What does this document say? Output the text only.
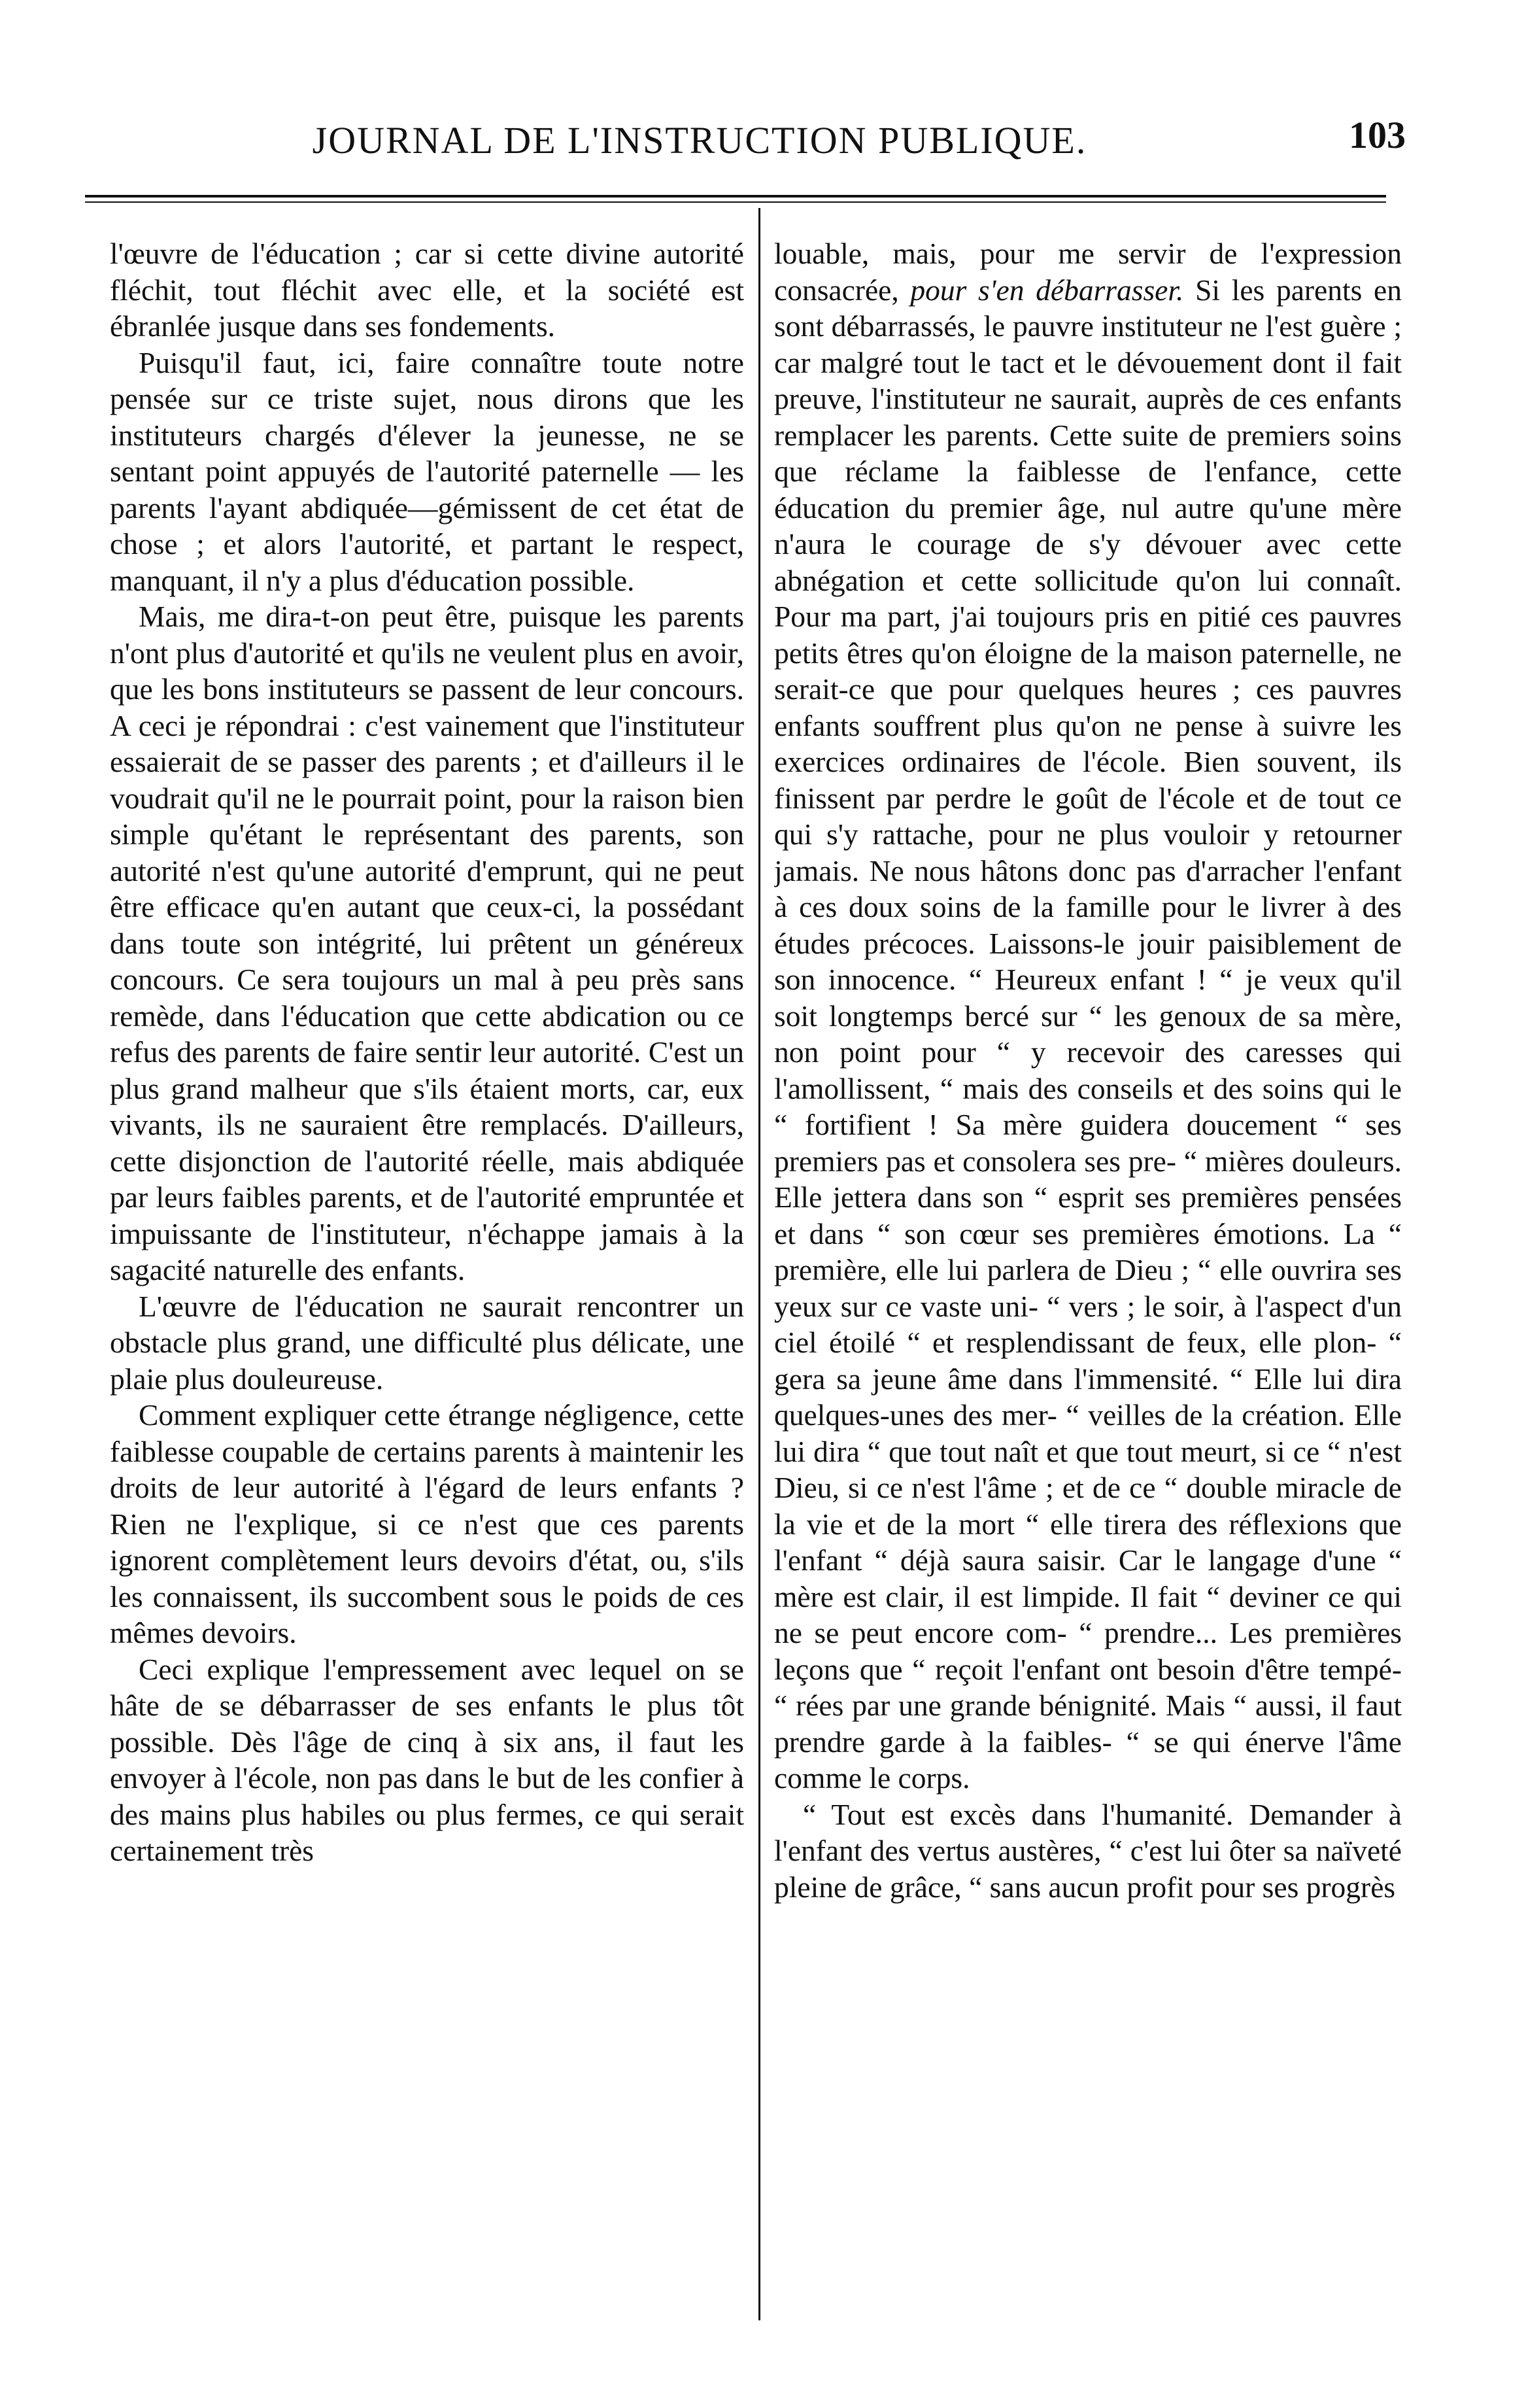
JOURNAL DE L'INSTRUCTION PUBLIQUE.	103

l'œuvre de l'éducation ; car si cette divine autorité fléchit, tout fléchit avec elle, et la société est ébranlée jusque dans ses fondements.

Puisqu'il faut, ici, faire connaître toute notre pensée sur ce triste sujet, nous dirons que les instituteurs chargés d'élever la jeunesse, ne se sentant point appuyés de l'autorité paternelle — les parents l'ayant abdiquée—gémissent de cet état de chose ; et alors l'autorité, et partant le respect, manquant, il n'y a plus d'éducation possible.

Mais, me dira-t-on peut être, puisque les parents n'ont plus d'autorité et qu'ils ne veulent plus en avoir, que les bons instituteurs se passent de leur concours. A ceci je répondrai : c'est vainement que l'instituteur essaierait de se passer des parents ; et d'ailleurs il le voudrait qu'il ne le pourrait point, pour la raison bien simple qu'étant le représentant des parents, son autorité n'est qu'une autorité d'emprunt, qui ne peut être efficace qu'en autant que ceux-ci, la possédant dans toute son intégrité, lui prêtent un généreux concours. Ce sera toujours un mal à peu près sans remède, dans l'éducation que cette abdication ou ce refus des parents de faire sentir leur autorité. C'est un plus grand malheur que s'ils étaient morts, car, eux vivants, ils ne sauraient être remplacés. D'ailleurs, cette disjonction de l'autorité réelle, mais abdiquée par leurs faibles parents, et de l'autorité empruntée et impuissante de l'instituteur, n'échappe jamais à la sagacité naturelle des enfants.

L'œuvre de l'éducation ne saurait rencontrer un obstacle plus grand, une difficulté plus délicate, une plaie plus douleureuse.

Comment expliquer cette étrange négligence, cette faiblesse coupable de certains parents à maintenir les droits de leur autorité à l'égard de leurs enfants ? Rien ne l'explique, si ce n'est que ces parents ignorent complètement leurs devoirs d'état, ou, s'ils les connaissent, ils succombent sous le poids de ces mêmes devoirs.

Ceci explique l'empressement avec lequel on se hâte de se débarrasser de ses enfants le plus tôt possible. Dès l'âge de cinq à six ans, il faut les envoyer à l'école, non pas dans le but de les confier à des mains plus habiles ou plus fermes, ce qui serait certainement très

louable, mais, pour me servir de l'expression consacrée, pour s'en débarrasser. Si les parents en sont débarrassés, le pauvre instituteur ne l'est guère ; car malgré tout le tact et le dévouement dont il fait preuve, l'instituteur ne saurait, auprès de ces enfants remplacer les parents. Cette suite de premiers soins que réclame la faiblesse de l'enfance, cette éducation du premier âge, nul autre qu'une mère n'aura le courage de s'y dévouer avec cette abnégation et cette sollicitude qu'on lui connaît. Pour ma part, j'ai toujours pris en pitié ces pauvres petits êtres qu'on éloigne de la maison paternelle, ne serait-ce que pour quelques heures ; ces pauvres enfants souffrent plus qu'on ne pense à suivre les exercices ordinaires de l'école. Bien souvent, ils finissent par perdre le goût de l'école et de tout ce qui s'y rattache, pour ne plus vouloir y retourner jamais. Ne nous hâtons donc pas d'arracher l'enfant à ces doux soins de la famille pour le livrer à des études précoces. Laissons-le jouir paisiblement de son innocence. “ Heureux enfant ! “ je veux qu'il soit longtemps bercé sur “ les genoux de sa mère, non point pour “ y recevoir des caresses qui l'amollissent, “ mais des conseils et des soins qui le “ fortifient ! Sa mère guidera doucement “ ses premiers pas et consolera ses pre- “ mières douleurs. Elle jettera dans son “ esprit ses premières pensées et dans “ son cœur ses premières émotions. La “ première, elle lui parlera de Dieu ; “ elle ouvrira ses yeux sur ce vaste uni- “ vers ; le soir, à l'aspect d'un ciel étoilé “ et resplendissant de feux, elle plon- “ gera sa jeune âme dans l'immensité. “ Elle lui dira quelques-unes des mer- “ veilles de la création. Elle lui dira “ que tout naît et que tout meurt, si ce “ n'est Dieu, si ce n'est l'âme ; et de ce “ double miracle de la vie et de la mort “ elle tirera des réflexions que l'enfant “ déjà saura saisir. Car le langage d'une “ mère est clair, il est limpide. Il fait “ deviner ce qui ne se peut encore com- “ prendre... Les premières leçons que “ reçoit l'enfant ont besoin d'être tempé- “ rées par une grande bénignité. Mais “ aussi, il faut prendre garde à la faibles- “ se qui énerve l'âme comme le corps.

“ Tout est excès dans l'humanité. Demander à l'enfant des vertus austères, “ c'est lui ôter sa naïveté pleine de grâce, “ sans aucun profit pour ses progrès
